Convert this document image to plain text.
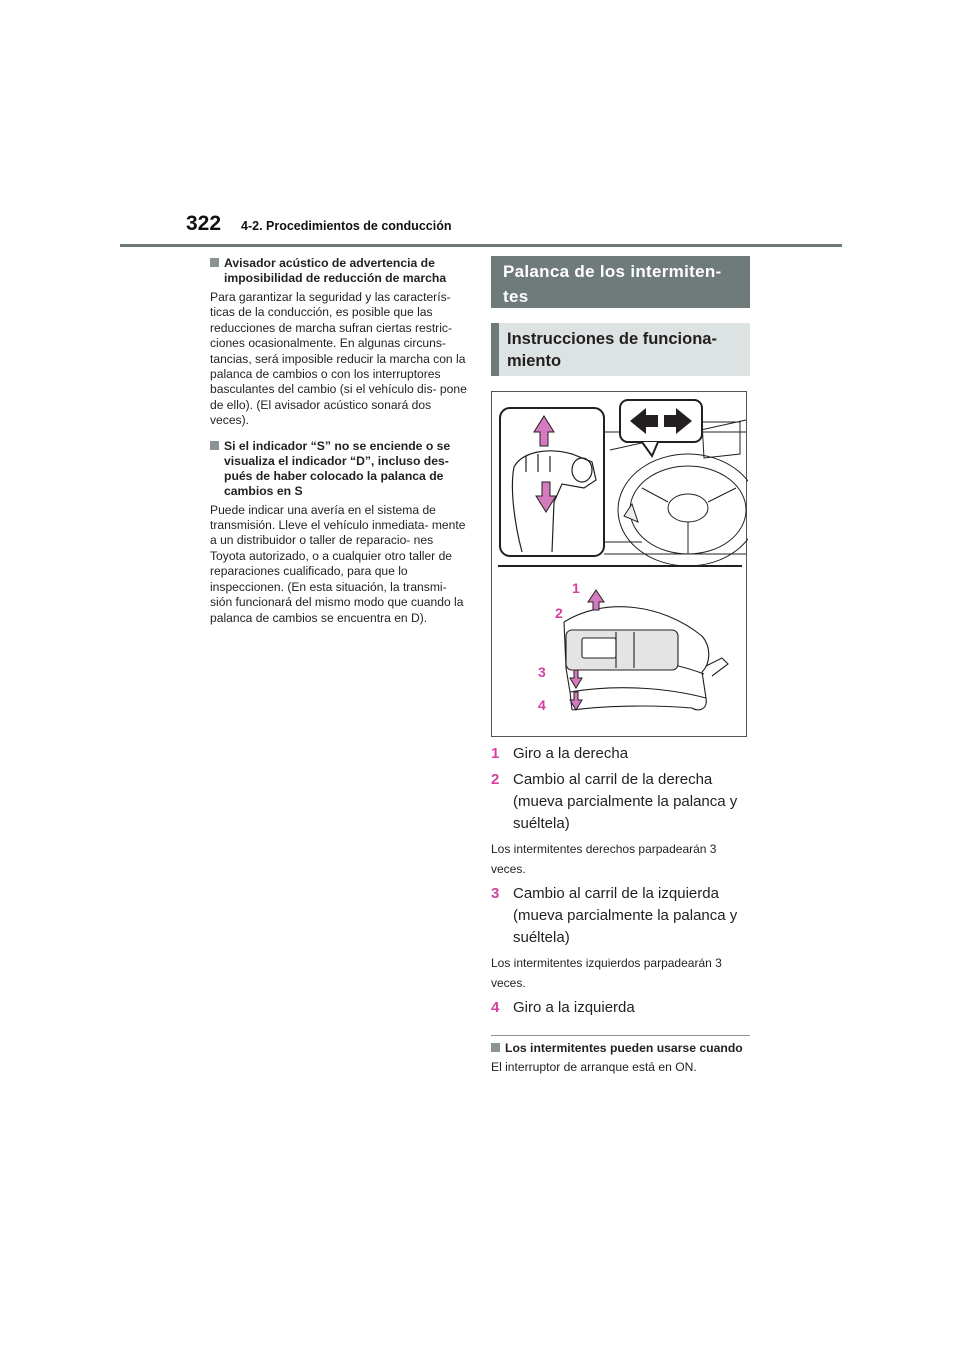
322 4-2. Procedimientos de conducción
Avisador acústico de advertencia de imposibilidad de reducción de marcha

Para garantizar la seguridad y las caracterís- ticas de la conducción, es posible que las reducciones de marcha sufran ciertas restric- ciones ocasionalmente. En algunas circuns- tancias, será imposible reducir la marcha con la palanca de cambios o con los interruptores basculantes del cambio (si el vehículo dis- pone de ello). (El avisador acústico sonará dos veces).

Si el indicador “S” no se enciende o se visualiza el indicador “D”, incluso des- pués de haber colocado la palanca de cambios en S

Puede indicar una avería en el sistema de transmisión. Lleve el vehículo inmediata- mente a un distribuidor o taller de reparacio- nes Toyota autorizado, o a cualquier otro taller de reparaciones cualificado, para que lo inspeccionen. (En esta situación, la transmi- sión funcionará del mismo modo que cuando la palanca de cambios se encuentra en D).

Palanca de los intermiten- tes
Instrucciones de funciona- miento
1
2
3
4
1 Giro a la derecha
2 Cambio al carril de la derecha (mueva parcialmente la palanca y suéltela)

Los intermitentes derechos parpadearán 3 veces.

3 Cambio al carril de la izquierda (mueva parcialmente la palanca y suéltela)

Los intermitentes izquierdos parpadearán 3 veces.

4 Giro a la izquierda
Los intermitentes pueden usarse cuando

El interruptor de arranque está en ON.
